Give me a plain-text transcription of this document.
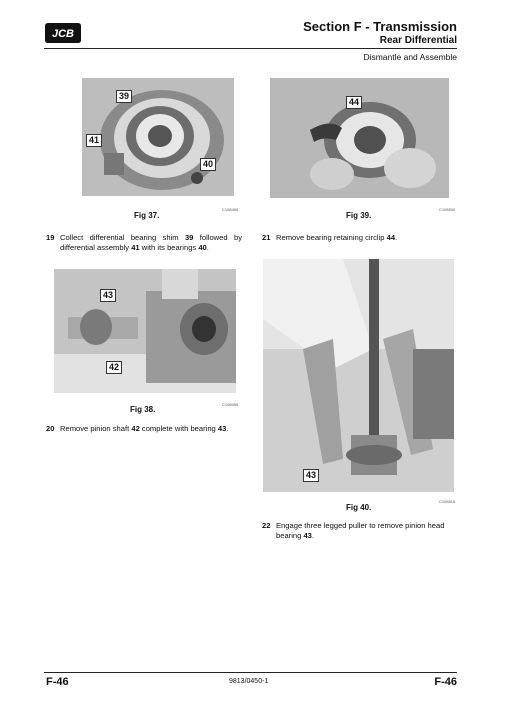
JCB	Section F - Transmission
Rear Differential
Dismantle and Assemble
39
41
40
C108490
Fig 37.
19 Collect differential bearing shim 39 followed by differential assembly 41 with its bearings 40.
43
42
C108490
Fig 38.
20 Remove pinion shaft 42 complete with bearing 43.
44
C108500
Fig 39.
21 Remove bearing retaining circlip 44.
43
C108510
Fig 40.
22 Engage three legged puller to remove pinion head bearing 43.
F-46	9813/0450-1	F-46
